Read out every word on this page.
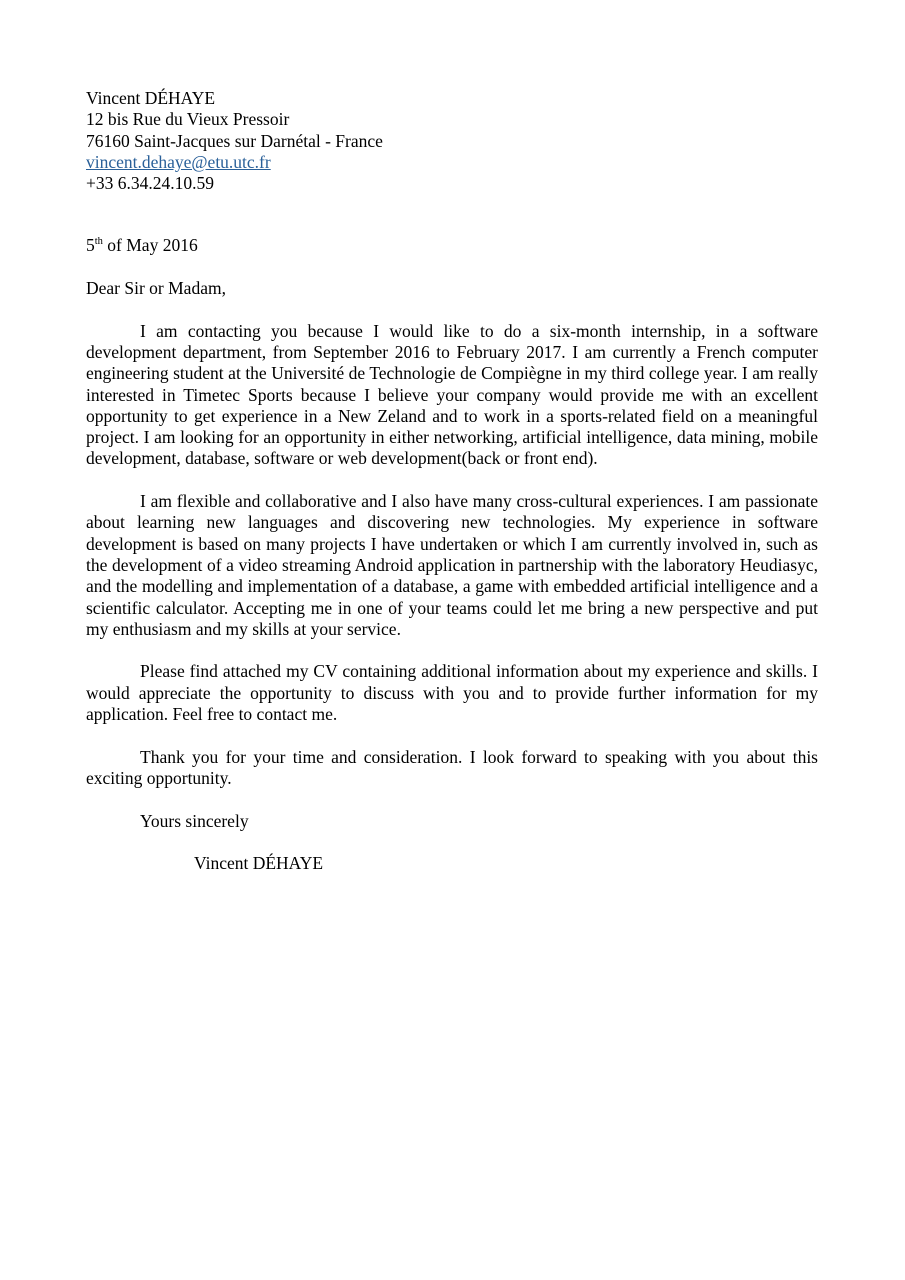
Vincent DÉHAYE
12 bis Rue du Vieux Pressoir
76160 Saint-Jacques sur Darnétal - France
vincent.dehaye@etu.utc.fr
+33 6.34.24.10.59
5th of May 2016
Dear Sir or Madam,

I am contacting you because I would like to do a six-month internship, in a software development department, from September 2016 to February 2017. I am currently a French computer engineering student at the Université de Technologie de Compiègne in my third college year. I am really interested in Timetec Sports because I believe your company would provide me with an excellent opportunity to get experience in a New Zeland and to work in a sports-related field on a meaningful project. I am looking for an opportunity in either networking, artificial intelligence, data mining, mobile development, database, software or web development(back or front end).

I am flexible and collaborative and I also have many cross-cultural experiences. I am passionate about learning new languages and discovering new technologies. My experience in software development is based on many projects I have undertaken or which I am currently involved in, such as the development of a video streaming Android application in partnership with the laboratory Heudiasyc, and the modelling and implementation of a database, a game with embedded artificial intelligence and a scientific calculator. Accepting me in one of your teams could let me bring a new perspective and put my enthusiasm and my skills at your service.

Please find attached my CV containing additional information about my experience and skills. I would appreciate the opportunity to discuss with you and to provide further information for my application. Feel free to contact me.

Thank you for your time and consideration. I look forward to speaking with you about this exciting opportunity.

Yours sincerely
Vincent DÉHAYE
